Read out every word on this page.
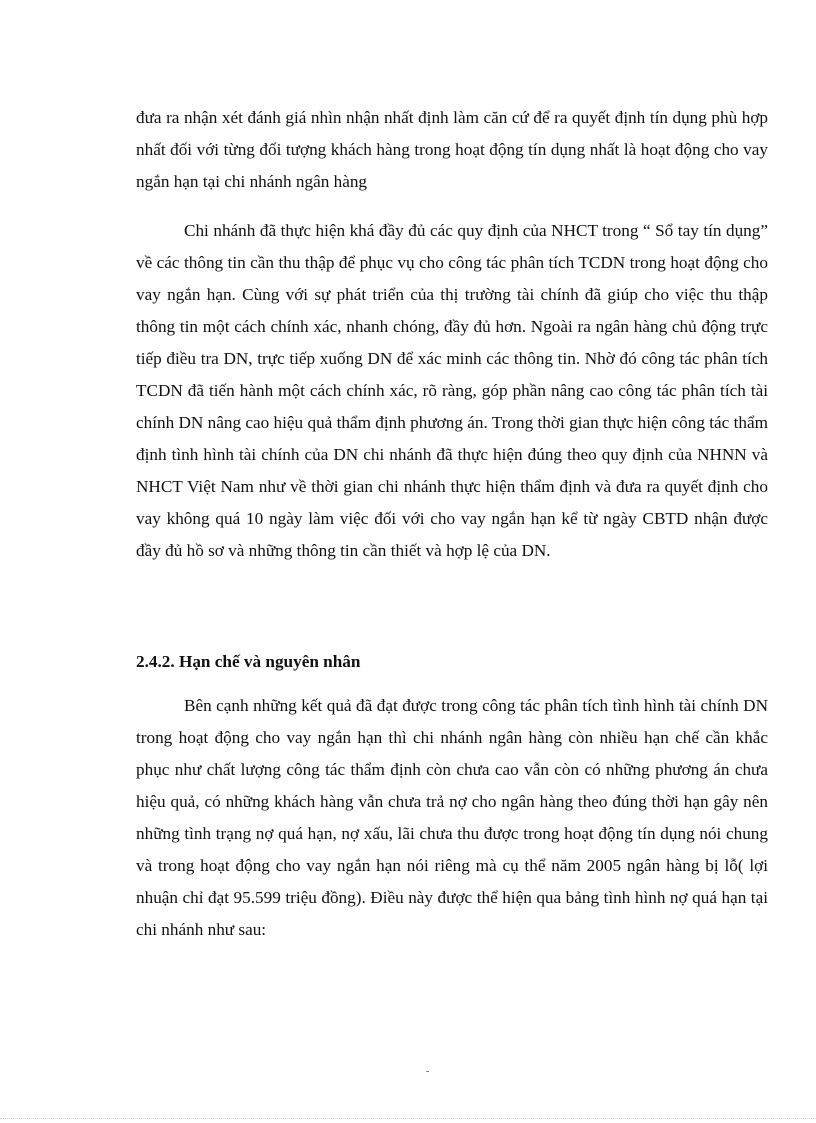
đưa ra nhận xét đánh giá nhìn nhận nhất định làm căn cứ để ra quyết định tín dụng phù hợp nhất đối với từng đối tượng khách hàng trong hoạt động tín dụng nhất là hoạt động cho vay ngắn hạn tại chi nhánh ngân hàng
Chi nhánh đã thực hiện khá đầy đủ các quy định của NHCT trong “ Sổ tay tín dụng” về các thông tin cần thu thập để phục vụ cho công tác phân tích TCDN trong hoạt động cho vay ngắn hạn. Cùng với sự phát triển của thị trường tài chính đã giúp cho việc thu thập thông tin một cách chính xác, nhanh chóng, đầy đủ hơn. Ngoài ra ngân hàng chủ động trực tiếp điều tra DN, trực tiếp xuống DN để xác minh các thông tin. Nhờ đó công tác phân tích TCDN đã tiến hành một cách chính xác, rõ ràng, góp phần nâng cao công tác phân tích tài chính DN nâng cao hiệu quả thẩm định phương án. Trong thời gian thực hiện công tác thẩm định tình hình tài chính của DN chi nhánh đã thực hiện đúng theo quy định của NHNN và NHCT Việt Nam như về thời gian chi nhánh thực hiện thẩm định và đưa ra quyết định cho vay không quá 10 ngày làm việc đối với cho vay ngắn hạn kể từ ngày CBTD nhận được đầy đủ hồ sơ và những thông tin cần thiết và hợp lệ của DN.
2.4.2. Hạn chế và nguyên nhân
Bên cạnh những kết quả đã đạt được trong công tác phân tích tình hình tài chính DN trong hoạt động cho vay ngắn hạn thì chi nhánh ngân hàng còn nhiều hạn chế cần khắc phục như chất lượng công tác thẩm định còn chưa cao vẫn còn có những phương án chưa hiệu quả, có những khách hàng vẫn chưa trả nợ cho ngân hàng theo đúng thời hạn gây nên những tình trạng nợ quá hạn, nợ xấu, lãi chưa thu được trong hoạt động tín dụng nói chung và trong hoạt động cho vay ngắn hạn nói riêng mà cụ thể năm 2005 ngân hàng bị lỗ( lợi nhuận chỉ đạt 95.599 triệu đồng). Điều này được thể hiện qua bảng tình hình nợ quá hạn tại chi nhánh như sau:
-
